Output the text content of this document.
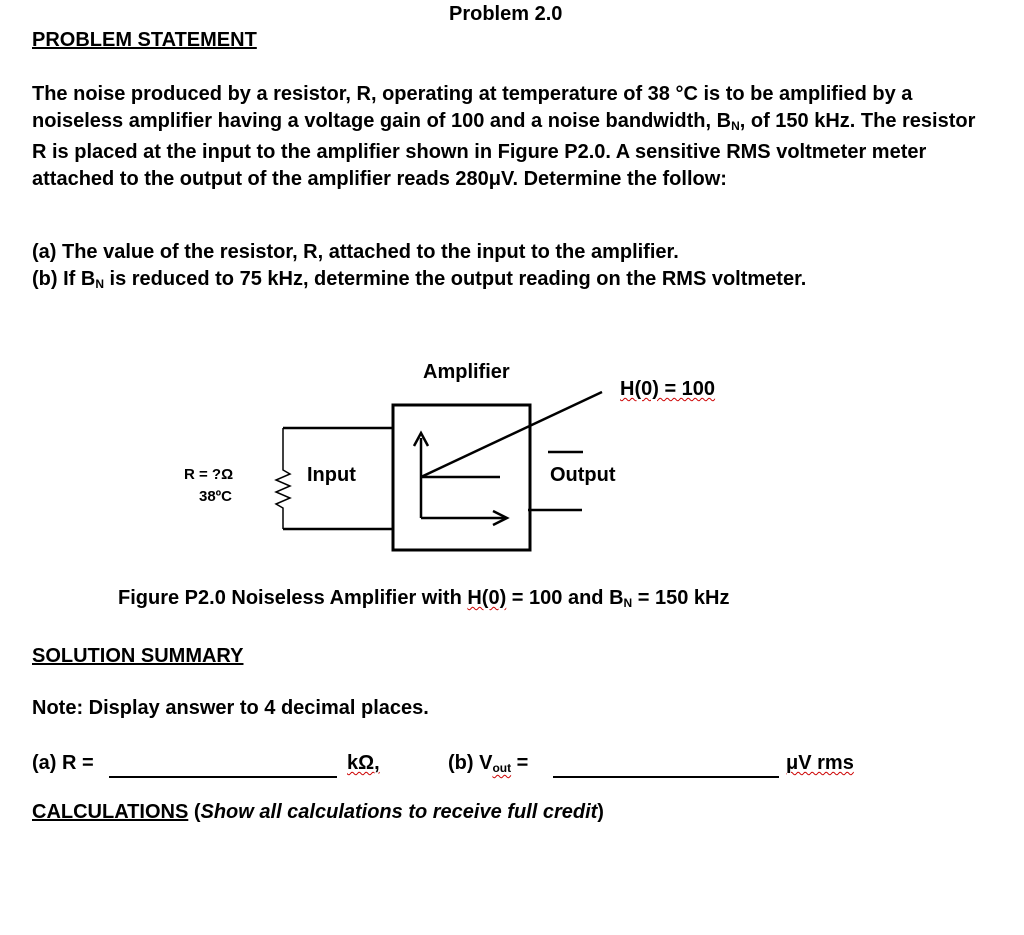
Problem 2.0
PROBLEM STATEMENT
The noise produced by a resistor, R, operating at temperature of 38 °C is to be amplified by a noiseless amplifier having a voltage gain of 100 and a noise bandwidth, $B_N$, of 150 kHz. The resistor R is placed at the input to the amplifier shown in Figure P2.0. A sensitive RMS voltmeter meter attached to the output of the amplifier reads 280μV. Determine the follow:
(a) The value of the resistor, R, attached to the input to the amplifier.
(b) If $B_N$ is reduced to 75 kHz, determine the output reading on the RMS voltmeter.
Amplifier
H(0) = 100
R = ?Ω
38ºC
Input	Output
Figure P2.0 Noiseless Amplifier with H(0) = 100 and $B_N = 150$ kHz
SOLUTION SUMMARY
Note: Display answer to 4 decimal places.
(a) R =	kΩ,	(b) $V_{out}$ =	μV rms
CALCULATIONS (Show all calculations to receive full credit)
